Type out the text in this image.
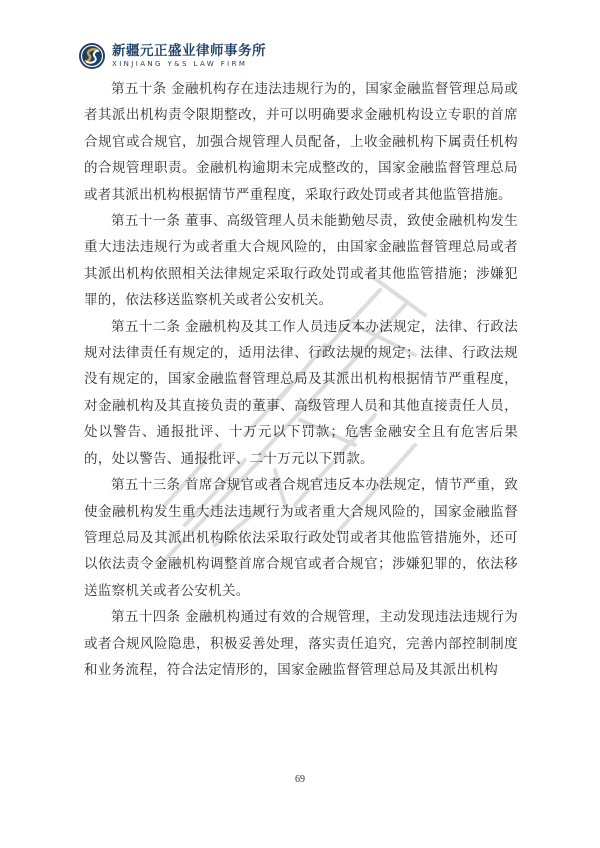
新疆元正盛业律师事务所
XINJIANG Y&S LAW FIRM

第五十条 金融机构存在违法违规行为的，国家金融监督管理总局或者其派出机构责令限期整改，并可以明确要求金融机构设立专职的首席合规官或合规官，加强合规管理人员配备，上收金融机构下属责任机构的合规管理职责。金融机构逾期未完成整改的，国家金融监督管理总局或者其派出机构根据情节严重程度，采取行政处罚或者其他监管措施。

第五十一条 董事、高级管理人员未能勤勉尽责，致使金融机构发生重大违法违规行为或者重大合规风险的，由国家金融监督管理总局或者其派出机构依照相关法律规定采取行政处罚或者其他监管措施；涉嫌犯罪的，依法移送监察机关或者公安机关。

第五十二条 金融机构及其工作人员违反本办法规定，法律、行政法规对法律责任有规定的，适用法律、行政法规的规定；法律、行政法规没有规定的，国家金融监督管理总局及其派出机构根据情节严重程度，对金融机构及其直接负责的董事、高级管理人员和其他直接责任人员，处以警告、通报批评、十万元以下罚款；危害金融安全且有危害后果的，处以警告、通报批评、二十万元以下罚款。

第五十三条 首席合规官或者合规官违反本办法规定，情节严重，致使金融机构发生重大违法违规行为或者重大合规风险的，国家金融监督管理总局及其派出机构除依法采取行政处罚或者其他监管措施外，还可以依法责令金融机构调整首席合规官或者合规官；涉嫌犯罪的，依法移送监察机关或者公安机关。

第五十四条 金融机构通过有效的合规管理，主动发现违法违规行为或者合规风险隐患，积极妥善处理，落实责任追究，完善内部控制制度和业务流程，符合法定情形的，国家金融监督管理总局及其派出机构

69
